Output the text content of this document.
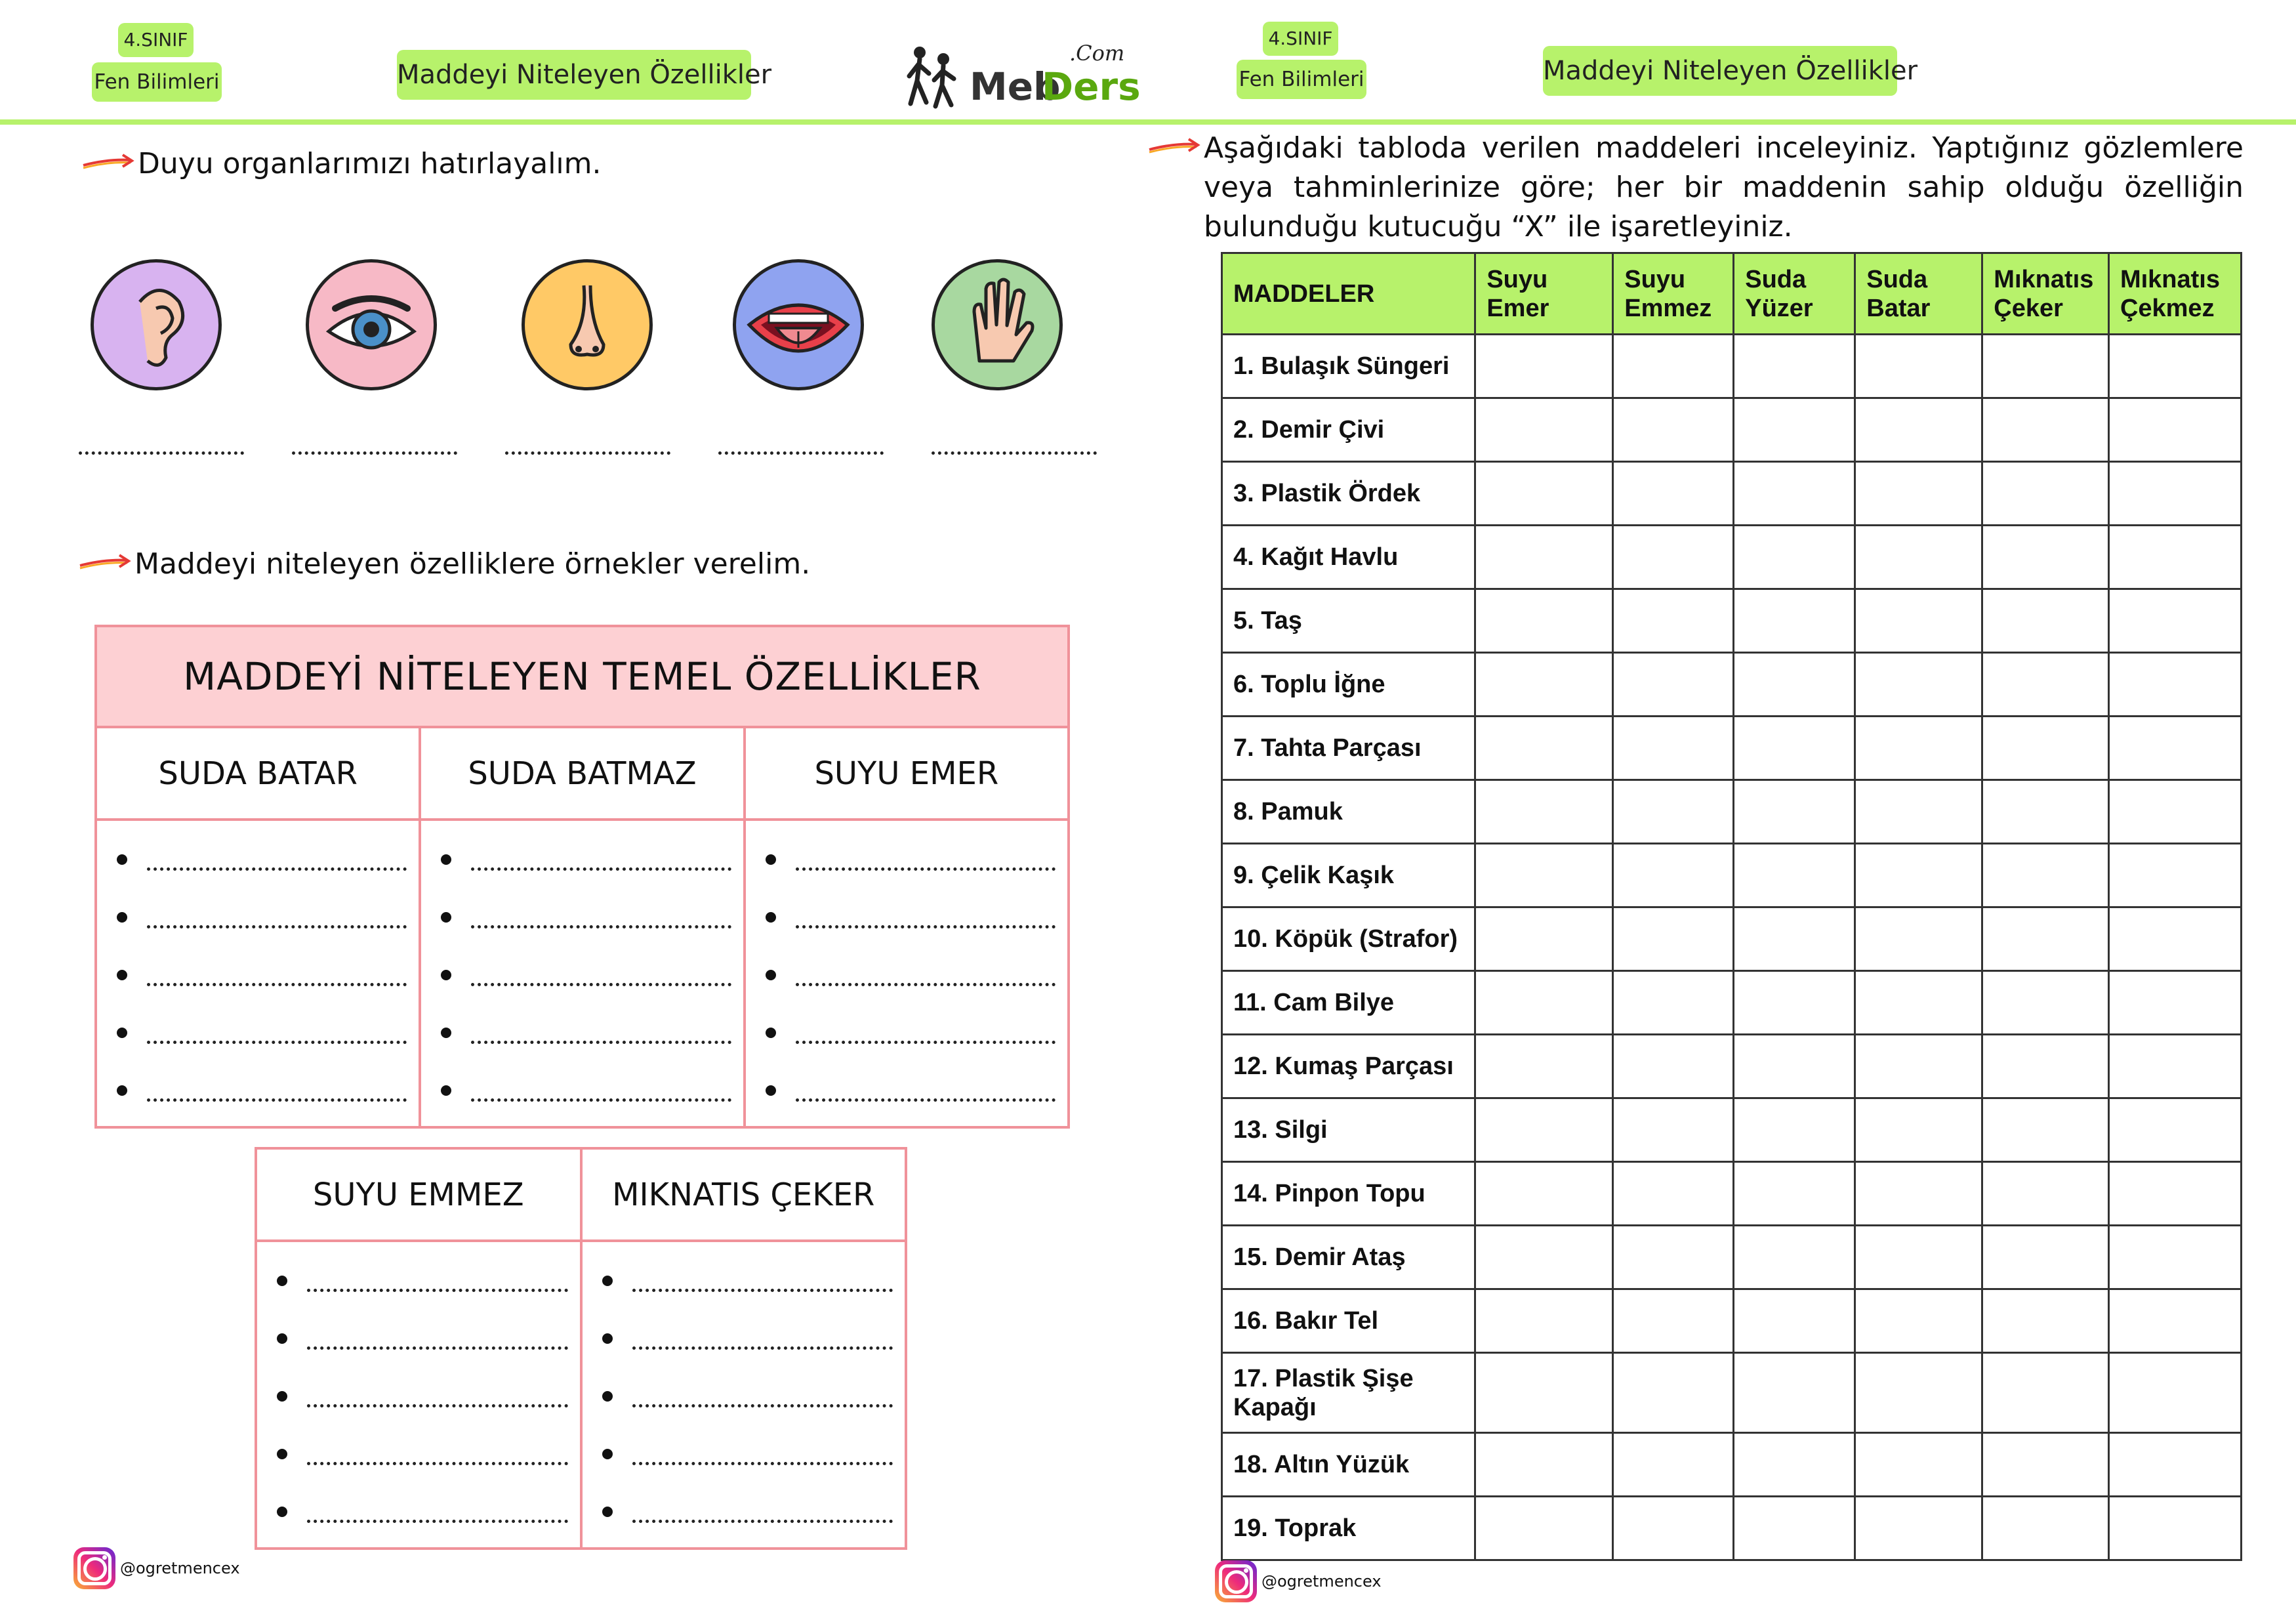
4.SINIF
Fen Bilimleri	Maddeyi Niteleyen Özellikler	Meb
Ders
.Com
4.SINIF
Fen Bilimleri	Maddeyi Niteleyen Özellikler
Duyu organlarımızı hatırlayalım.
Maddeyi niteleyen özelliklere örnekler verelim.
MADDEYİ NİTELEYEN TEMEL ÖZELLİKLER		
SUDA BATAR	SUDA BATMAZ	SUYU EMER

SUYU EMMEZ	MIKNATIS ÇEKER

@ogretmencex
Aşağıdaki tabloda verilen maddeleri inceleyiniz. Yaptığınız gözlemlere veya tahminlerinize göre; her bir maddenin sahip olduğu özelliğin bulunduğu kutucuğu “X” ile işaretleyiniz.
MADDELER	Suyu Emer	Suyu Emmez	Suda Yüzer	Suda Batar	Mıknatıs Çeker	Mıknatıs Çekmez
1. Bulaşık Süngeri						
2. Demir Çivi						
3. Plastik Ördek						
4. Kağıt Havlu						
5. Taş						
6. Toplu İğne						
7. Tahta Parçası						
8. Pamuk						
9. Çelik Kaşık						
10. Köpük (Strafor)						
11. Cam Bilye						
12. Kumaş Parçası						
13. Silgi						
14. Pinpon Topu						
15. Demir Ataş						
16. Bakır Tel						
17. Plastik Şişe Kapağı						
18. Altın Yüzük						
19. Toprak						
@ogretmencex
